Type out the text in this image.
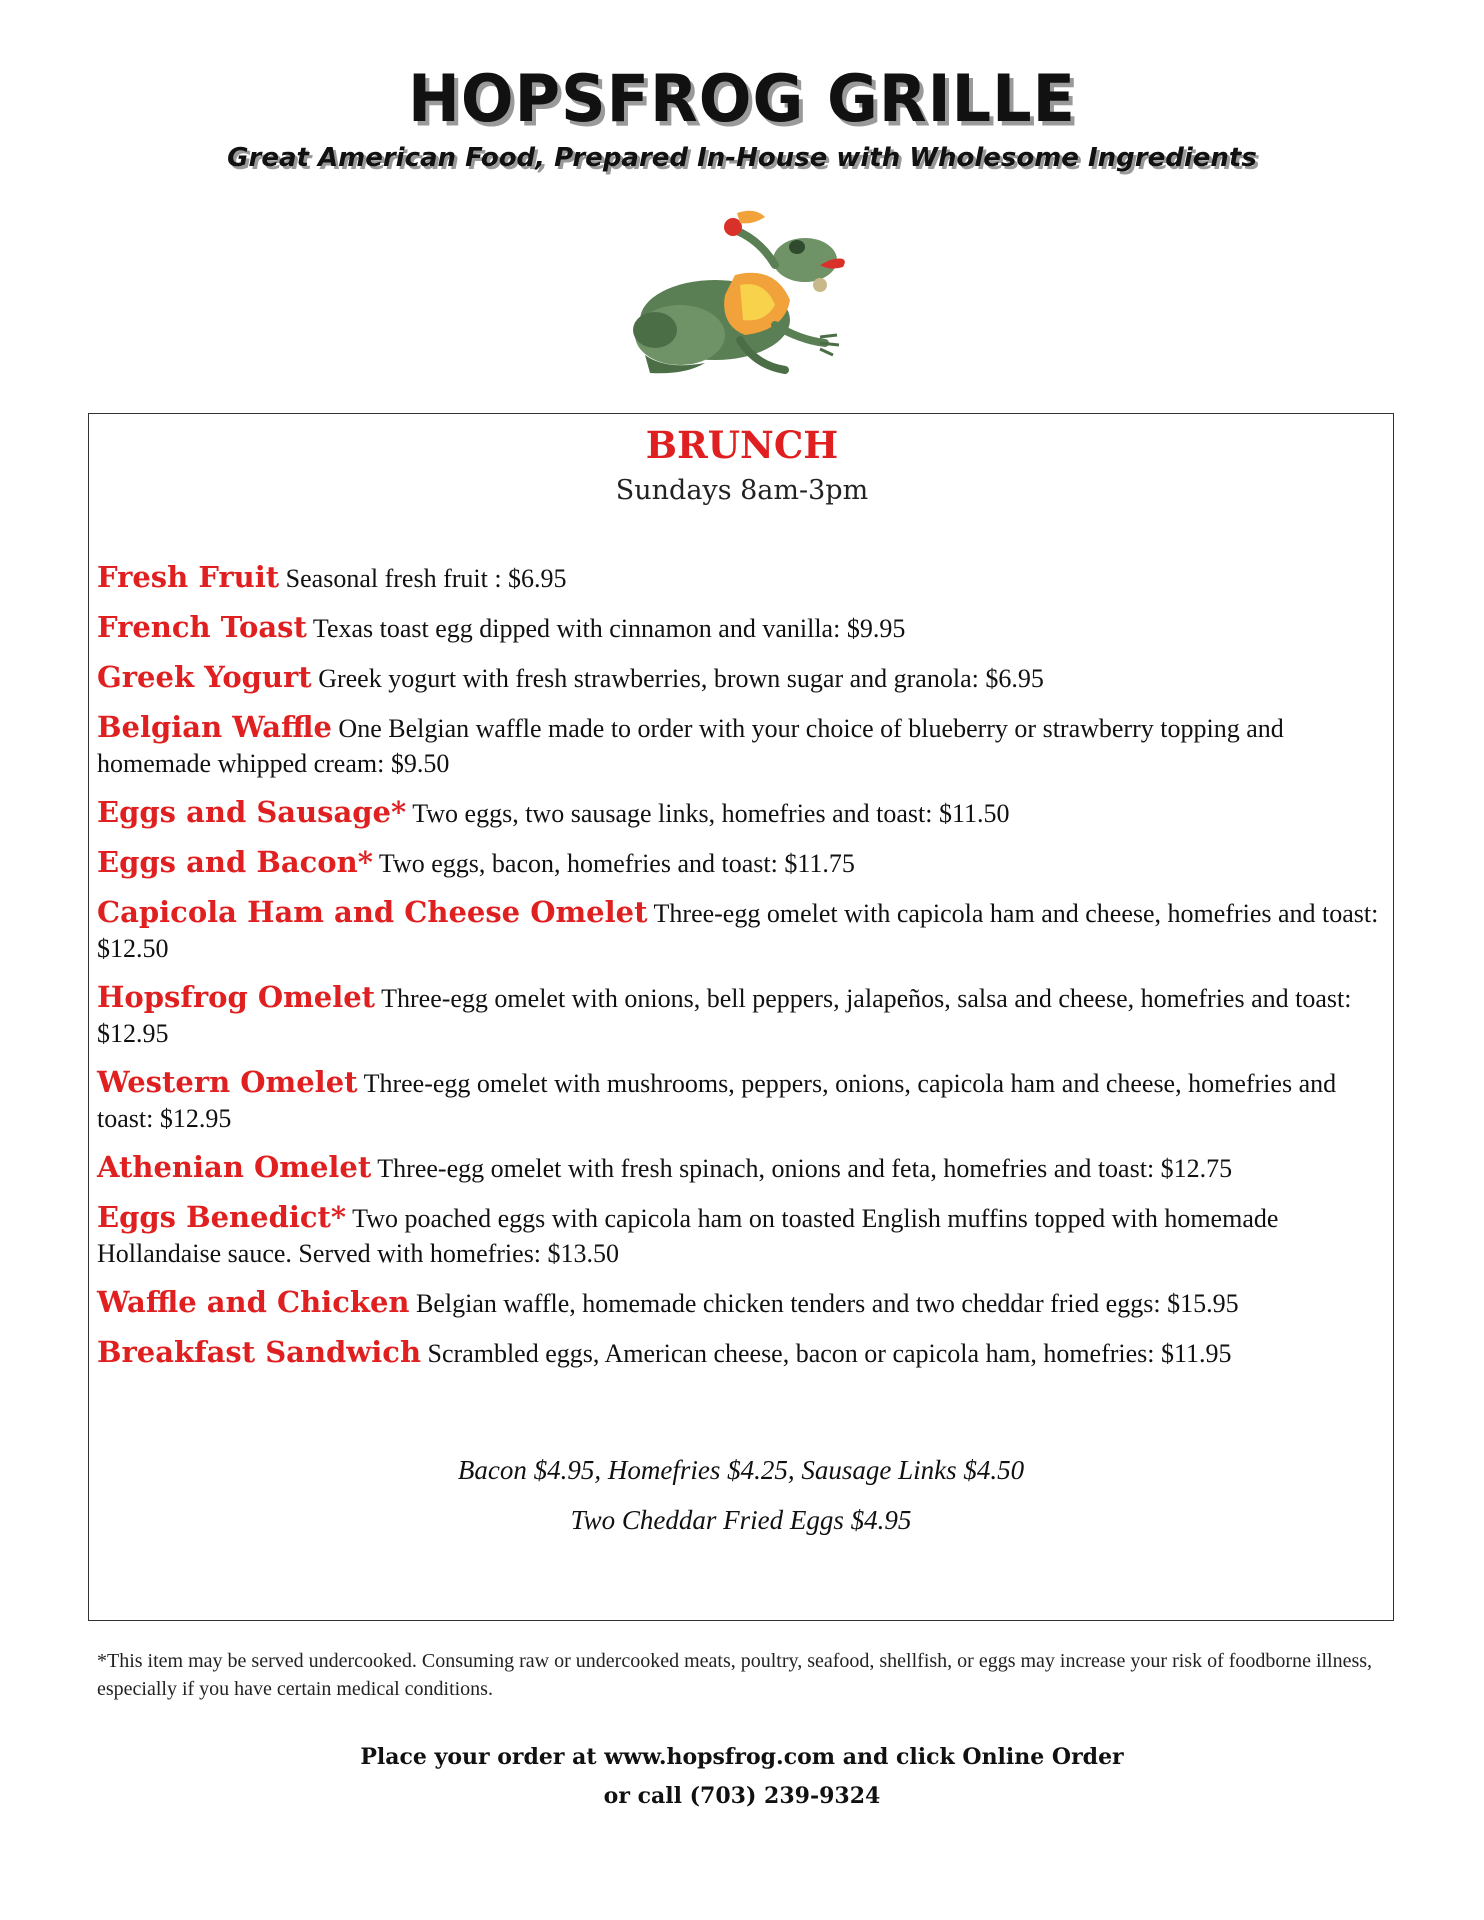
HOPSFROG GRILLE
Great American Food, Prepared In-House with Wholesome Ingredients
BRUNCH
Sundays 8am-3pm
Fresh Fruit Seasonal fresh fruit : $6.95
French Toast Texas toast egg dipped with cinnamon and vanilla: $9.95
Greek Yogurt Greek yogurt with fresh strawberries, brown sugar and granola: $6.95
Belgian Waffle One Belgian waffle made to order with your choice of blueberry or strawberry topping and homemade whipped cream: $9.50
Eggs and Sausage* Two eggs, two sausage links, homefries and toast: $11.50
Eggs and Bacon* Two eggs, bacon, homefries and toast: $11.75
Capicola Ham and Cheese Omelet Three-egg omelet with capicola ham and cheese, homefries and toast: $12.50
Hopsfrog Omelet Three-egg omelet with onions, bell peppers, jalapeños, salsa and cheese, homefries and toast: $12.95
Western Omelet Three-egg omelet with mushrooms, peppers, onions, capicola ham and cheese, homefries and toast: $12.95
Athenian Omelet Three-egg omelet with fresh spinach, onions and feta, homefries and toast: $12.75
Eggs Benedict* Two poached eggs with capicola ham on toasted English muffins topped with homemade Hollandaise sauce. Served with homefries: $13.50
Waffle and Chicken Belgian waffle, homemade chicken tenders and two cheddar fried eggs: $15.95
Breakfast Sandwich Scrambled eggs, American cheese, bacon or capicola ham, homefries: $11.95
Bacon $4.95, Homefries $4.25, Sausage Links $4.50
Two Cheddar Fried Eggs $4.95
*This item may be served undercooked. Consuming raw or undercooked meats, poultry, seafood, shellfish, or eggs may increase your risk of foodborne illness, especially if you have certain medical conditions.
Place your order at www.hopsfrog.com and click Online Order
or call (703) 239-9324
